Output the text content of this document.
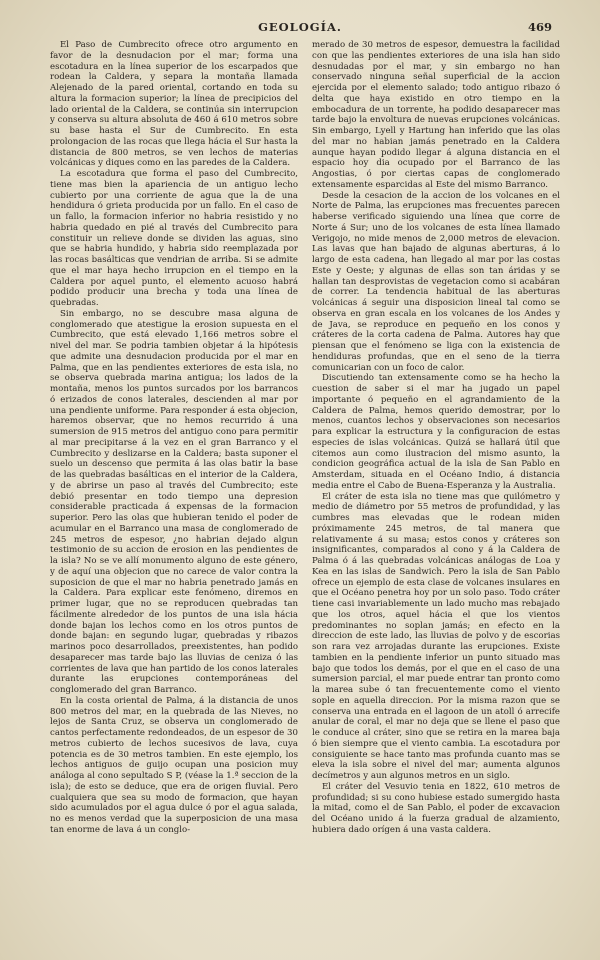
GEOLOGÍA.	469

El Paso de Cumbrecito ofrece otro argumento en favor de la desnudacion por el mar; forma una escotadura en la línea superior de los escarpados que rodean la Caldera, y separa la montaña llamada Alejenado de la pared oriental, cortando en toda su altura la formacion superior; la línea de precipicios del lado oriental de la Caldera, se continúa sin interrupcion y conserva su altura absoluta de 460 á 610 metros sobre su base hasta el Sur de Cumbrecito. En esta prolongacion de las rocas que llega hácia el Sur hasta la distancia de 800 metros, se ven lechos de materias volcánicas y diques como en las paredes de la Caldera.

La escotadura que forma el paso del Cumbrecito, tiene mas bien la apariencia de un antiguo lecho cubierto por una corriente de agua que la de una hendidura ó grieta producida por un fallo. En el caso de un fallo, la formacion inferior no habria resistido y no habria quedado en pié al través del Cumbrecito para constituir un relieve donde se dividen las aguas, sino que se habria hundido, y habria sido reemplazada por las rocas basálticas que vendrian de arriba. Si se admite que el mar haya hecho irrupcion en el tiempo en la Caldera por aquel punto, el elemento acuoso habrá podido producir una brecha y toda una línea de quebradas.

Sin embargo, no se descubre masa alguna de conglomerado que atestigue la erosion supuesta en el Cumbrecito, que está elevado 1,166 metros sobre el nivel del mar. Se podria tambien objetar á la hipótesis que admite una desnudacion producida por el mar en Palma, que en las pendientes exteriores de esta isla, no se observa quebrada marina antigua; los lados de la montaña, menos los puntos surcados por los barrancos ó erizados de conos laterales, descienden al mar por una pendiente uniforme. Para responder á esta objecion, haremos observar, que no hemos recurrido á una sumersion de 915 metros del antiguo cono para permitir al mar precipitarse á la vez en el gran Barranco y el Cumbrecito y deslizarse en la Caldera; basta suponer el suelo un descenso que permita á las olas batir la base de las quebradas basálticas en el interior de la Caldera, y de abrirse un paso al través del Cumbrecito; este debió presentar en todo tiempo una depresion considerable practicada á expensas de la formacion superior. Pero las olas que hubieran tenido el poder de acumular en el Barranco una masa de conglomerado de 245 metros de espesor, ¿no habrian dejado algun testimonio de su accion de erosion en las pendientes de la isla? No se ve allí monumento alguno de este género, y de aquí una objecion que no carece de valor contra la suposicion de que el mar no habria penetrado jamás en la Caldera. Para explicar este fenómeno, diremos en primer lugar, que no se reproducen quebradas tan fácilmente alrededor de los puntos de una isla hácia donde bajan los lechos como en los otros puntos de donde bajan: en segundo lugar, quebradas y ribazos marinos poco desarrollados, preexistentes, han podido desaparecer mas tarde bajo las lluvias de ceniza ó las corrientes de lava que han partido de los conos laterales durante las erupciones contemporáneas del conglomerado del gran Barranco.

En la costa oriental de Palma, á la distancia de unos 800 metros del mar, en la quebrada de las Nieves, no lejos de Santa Cruz, se observa un conglomerado de cantos perfectamente redondeados, de un espesor de 30 metros cubierto de lechos sucesivos de lava, cuya potencia es de 30 metros tambien. En este ejemplo, los lechos antiguos de guijo ocupan una posicion muy análoga al cono sepultado S P, (véase la 1.ª seccion de la isla); de esto se deduce, que era de origen fluvial. Pero cualquiera que sea su modo de formacion, que hayan sido acumulados por el agua dulce ó por el agua salada, no es menos verdad que la superposicion de una masa tan enorme de lava á un conglo-

merado de 30 metros de espesor, demuestra la facilidad con que las pendientes exteriores de una isla han sido desnudadas por el mar, y sin embargo no han conservado ninguna señal superficial de la accion ejercida por el elemento salado; todo antiguo ribazo ó delta que haya existido en otro tiempo en la embocadura de un torrente, ha podido desaparecer mas tarde bajo la envoltura de nuevas erupciones volcánicas. Sin embargo, Lyell y Hartung han inferido que las olas del mar no habian jamás penetrado en la Caldera aunque hayan podido llegar á alguna distancia en el espacio hoy dia ocupado por el Barranco de las Angostias, ó por ciertas capas de conglomerado extensamente esparcidas al Este del mismo Barranco.

Desde la cesacion de la accion de los volcanes en el Norte de Palma, las erupciones mas frecuentes parecen haberse verificado siguiendo una línea que corre de Norte á Sur; uno de los volcanes de esta línea llamado Verigojo, no mide menos de 2,000 metros de elevacion. Las lavas que han bajado de algunas aberturas, á lo largo de esta cadena, han llegado al mar por las costas Este y Oeste; y algunas de ellas son tan áridas y se hallan tan desprovistas de vegetacion como si acabáran de correr. La tendencia habitual de las aberturas volcánicas á seguir una disposicion lineal tal como se observa en gran escala en los volcanes de los Andes y de Java, se reproduce en pequeño en los conos y cráteres de la corta cadena de Palma. Autores hay que piensan que el fenómeno se liga con la existencia de hendiduras profundas, que en el seno de la tierra comunicarian con un foco de calor.

Discutiendo tan extensamente como se ha hecho la cuestion de saber si el mar ha jugado un papel importante ó pequeño en el agrandamiento de la Caldera de Palma, hemos querido demostrar, por lo menos, cuantos lechos y observaciones son necesarios para explicar la estructura y la configuracion de estas especies de islas volcánicas. Quizá se hallará útil que citemos aun como ilustracion del mismo asunto, la condicion geográfica actual de la isla de San Pablo en Amsterdam, situada en el Océano Indio, á distancia media entre el Cabo de Buena-Esperanza y la Australia.

El cráter de esta isla no tiene mas que quilómetro y medio de diámetro por 55 metros de profundidad, y las cumbres mas elevadas que le rodean miden próximamente 245 metros, de tal manera que relativamente á su masa; estos conos y cráteres son insignificantes, comparados al cono y á la Caldera de Palma ó á las quebradas volcánicas análogas de Loa y Kea en las islas de Sandwich. Pero la isla de San Pablo ofrece un ejemplo de esta clase de volcanes insulares en que el Océano penetra hoy por un solo paso. Todo cráter tiene casi invariablemente un lado mucho mas rebajado que los otros, aquel hácia el que los vientos predominantes no soplan jamás; en efecto en la direccion de este lado, las lluvias de polvo y de escorias son rara vez arrojadas durante las erupciones. Existe tambien en la pendiente inferior un punto situado mas bajo que todos los demás, por el que en el caso de una sumersion parcial, el mar puede entrar tan pronto como la marea sube ó tan frecuentemente como el viento sople en aquella direccion. Por la misma razon que se conserva una entrada en el lagoon de un atoll ó arrecife anular de coral, el mar no deja que se llene el paso que le conduce al cráter, sino que se retira en la marea baja ó bien siempre que el viento cambia. La escotadura por consiguiente se hace tanto mas profunda cuanto mas se eleva la isla sobre el nivel del mar; aumenta algunos decímetros y aun algunos metros en un siglo.

El cráter del Vesuvio tenia en 1822, 610 metros de profundidad; si su cono hubiese estado sumergido hasta la mitad, como el de San Pablo, el poder de excavacion del Océano unido á la fuerza gradual de alzamiento, hubiera dado orígen á una vasta caldera.
